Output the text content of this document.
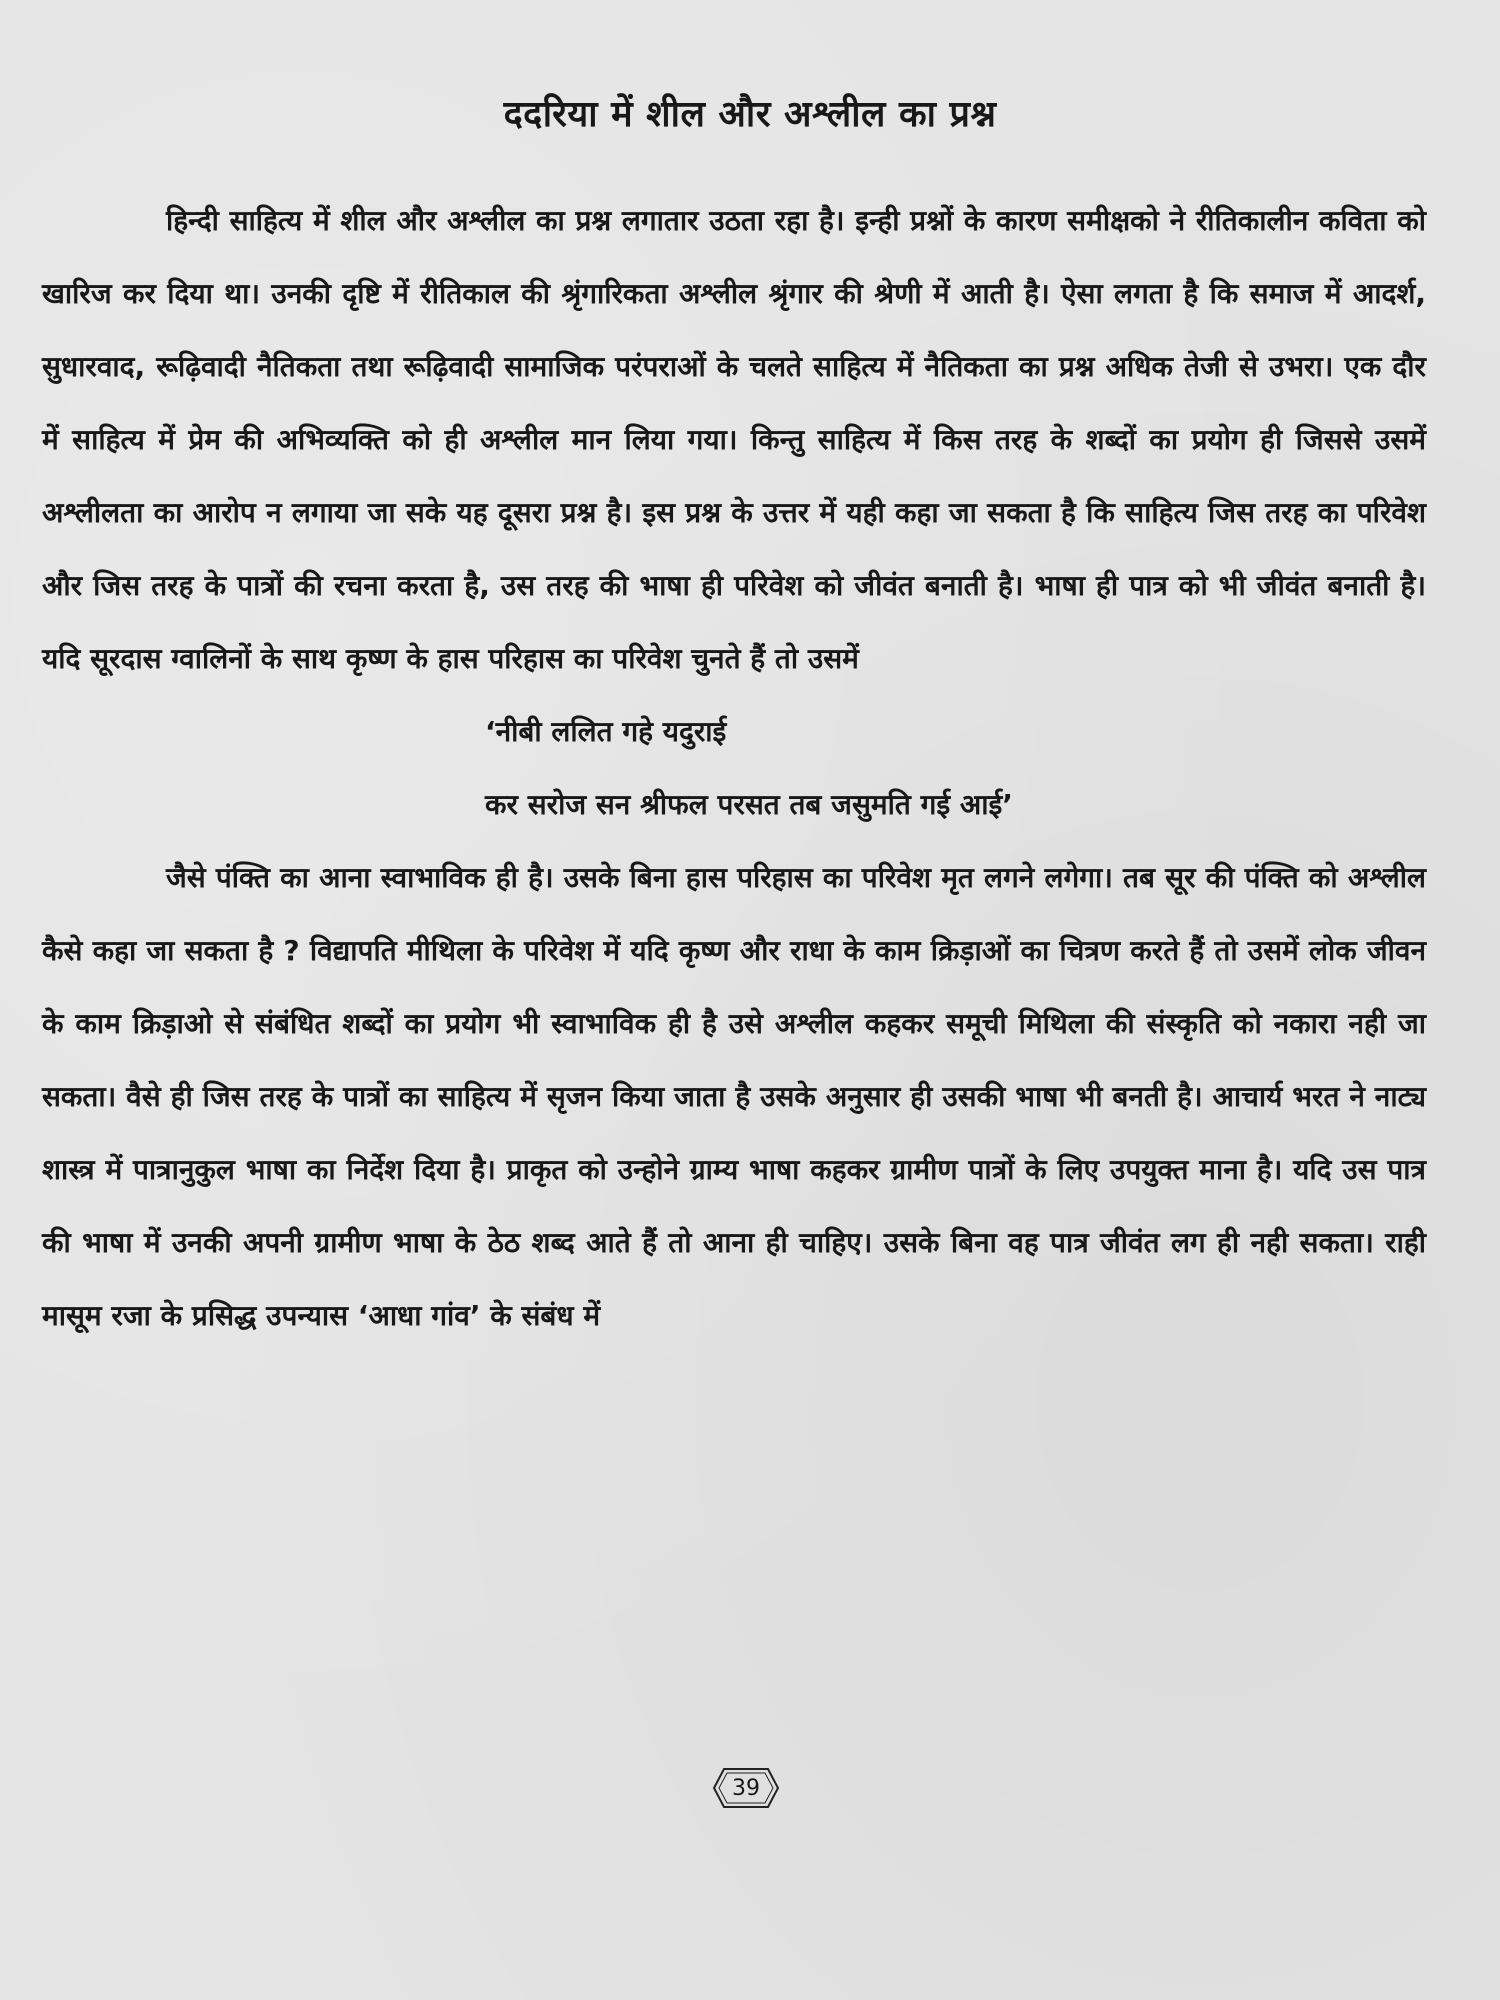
ददरिया में शील और अश्लील का प्रश्न

हिन्दी साहित्य में शील और अश्लील का प्रश्न लगातार उठता रहा है। इन्ही प्रश्नों के कारण समीक्षको ने रीतिकालीन कविता को खारिज कर दिया था। उनकी दृष्टि में रीतिकाल की श्रृंगारिकता अश्लील श्रृंगार की श्रेणी में आती है। ऐसा लगता है कि समाज में आदर्श, सुधारवाद, रूढ़िवादी नैतिकता तथा रूढ़िवादी सामाजिक परंपराओं के चलते साहित्य में नैतिकता का प्रश्न अधिक तेजी से उभरा। एक दौर में साहित्य में प्रेम की अभिव्यक्ति को ही अश्लील मान लिया गया। किन्तु साहित्य में किस तरह के शब्दों का प्रयोग ही जिससे उसमें अश्लीलता का आरोप न लगाया जा सके यह दूसरा प्रश्न है। इस प्रश्न के उत्तर में यही कहा जा सकता है कि साहित्य जिस तरह का परिवेश और जिस तरह के पात्रों की रचना करता है, उस तरह की भाषा ही परिवेश को जीवंत बनाती है। भाषा ही पात्र को भी जीवंत बनाती है। यदि सूरदास ग्वालिनों के साथ कृष्ण के हास परिहास का परिवेश चुनते हैं तो उसमें

‘नीबी ललित गहे यदुराई
कर सरोज सन श्रीफल परसत तब जसुमति गई आई’

जैसे पंक्ति का आना स्वाभाविक ही है। उसके बिना हास परिहास का परिवेश मृत लगने लगेगा। तब सूर की पंक्ति को अश्लील कैसे कहा जा सकता है ? विद्यापति मीथिला के परिवेश में यदि कृष्ण और राधा के काम क्रिड़ाओं का चित्रण करते हैं तो उसमें लोक जीवन के काम क्रिड़ाओ से संबंधित शब्दों का प्रयोग भी स्वाभाविक ही है उसे अश्लील कहकर समूची मिथिला की संस्कृति को नकारा नही जा सकता। वैसे ही जिस तरह के पात्रों का साहित्य में सृजन किया जाता है उसके अनुसार ही उसकी भाषा भी बनती है। आचार्य भरत ने नाट्य शास्त्र में पात्रानुकुल भाषा का निर्देश दिया है। प्राकृत को उन्होने ग्राम्य भाषा कहकर ग्रामीण पात्रों के लिए उपयुक्त माना है। यदि उस पात्र की भाषा में उनकी अपनी ग्रामीण भाषा के ठेठ शब्द आते हैं तो आना ही चाहिए। उसके बिना वह पात्र जीवंत लग ही नही सकता। राही मासूम रजा के प्रसिद्ध उपन्यास ‘आधा गांव’ के संबंध में

39
